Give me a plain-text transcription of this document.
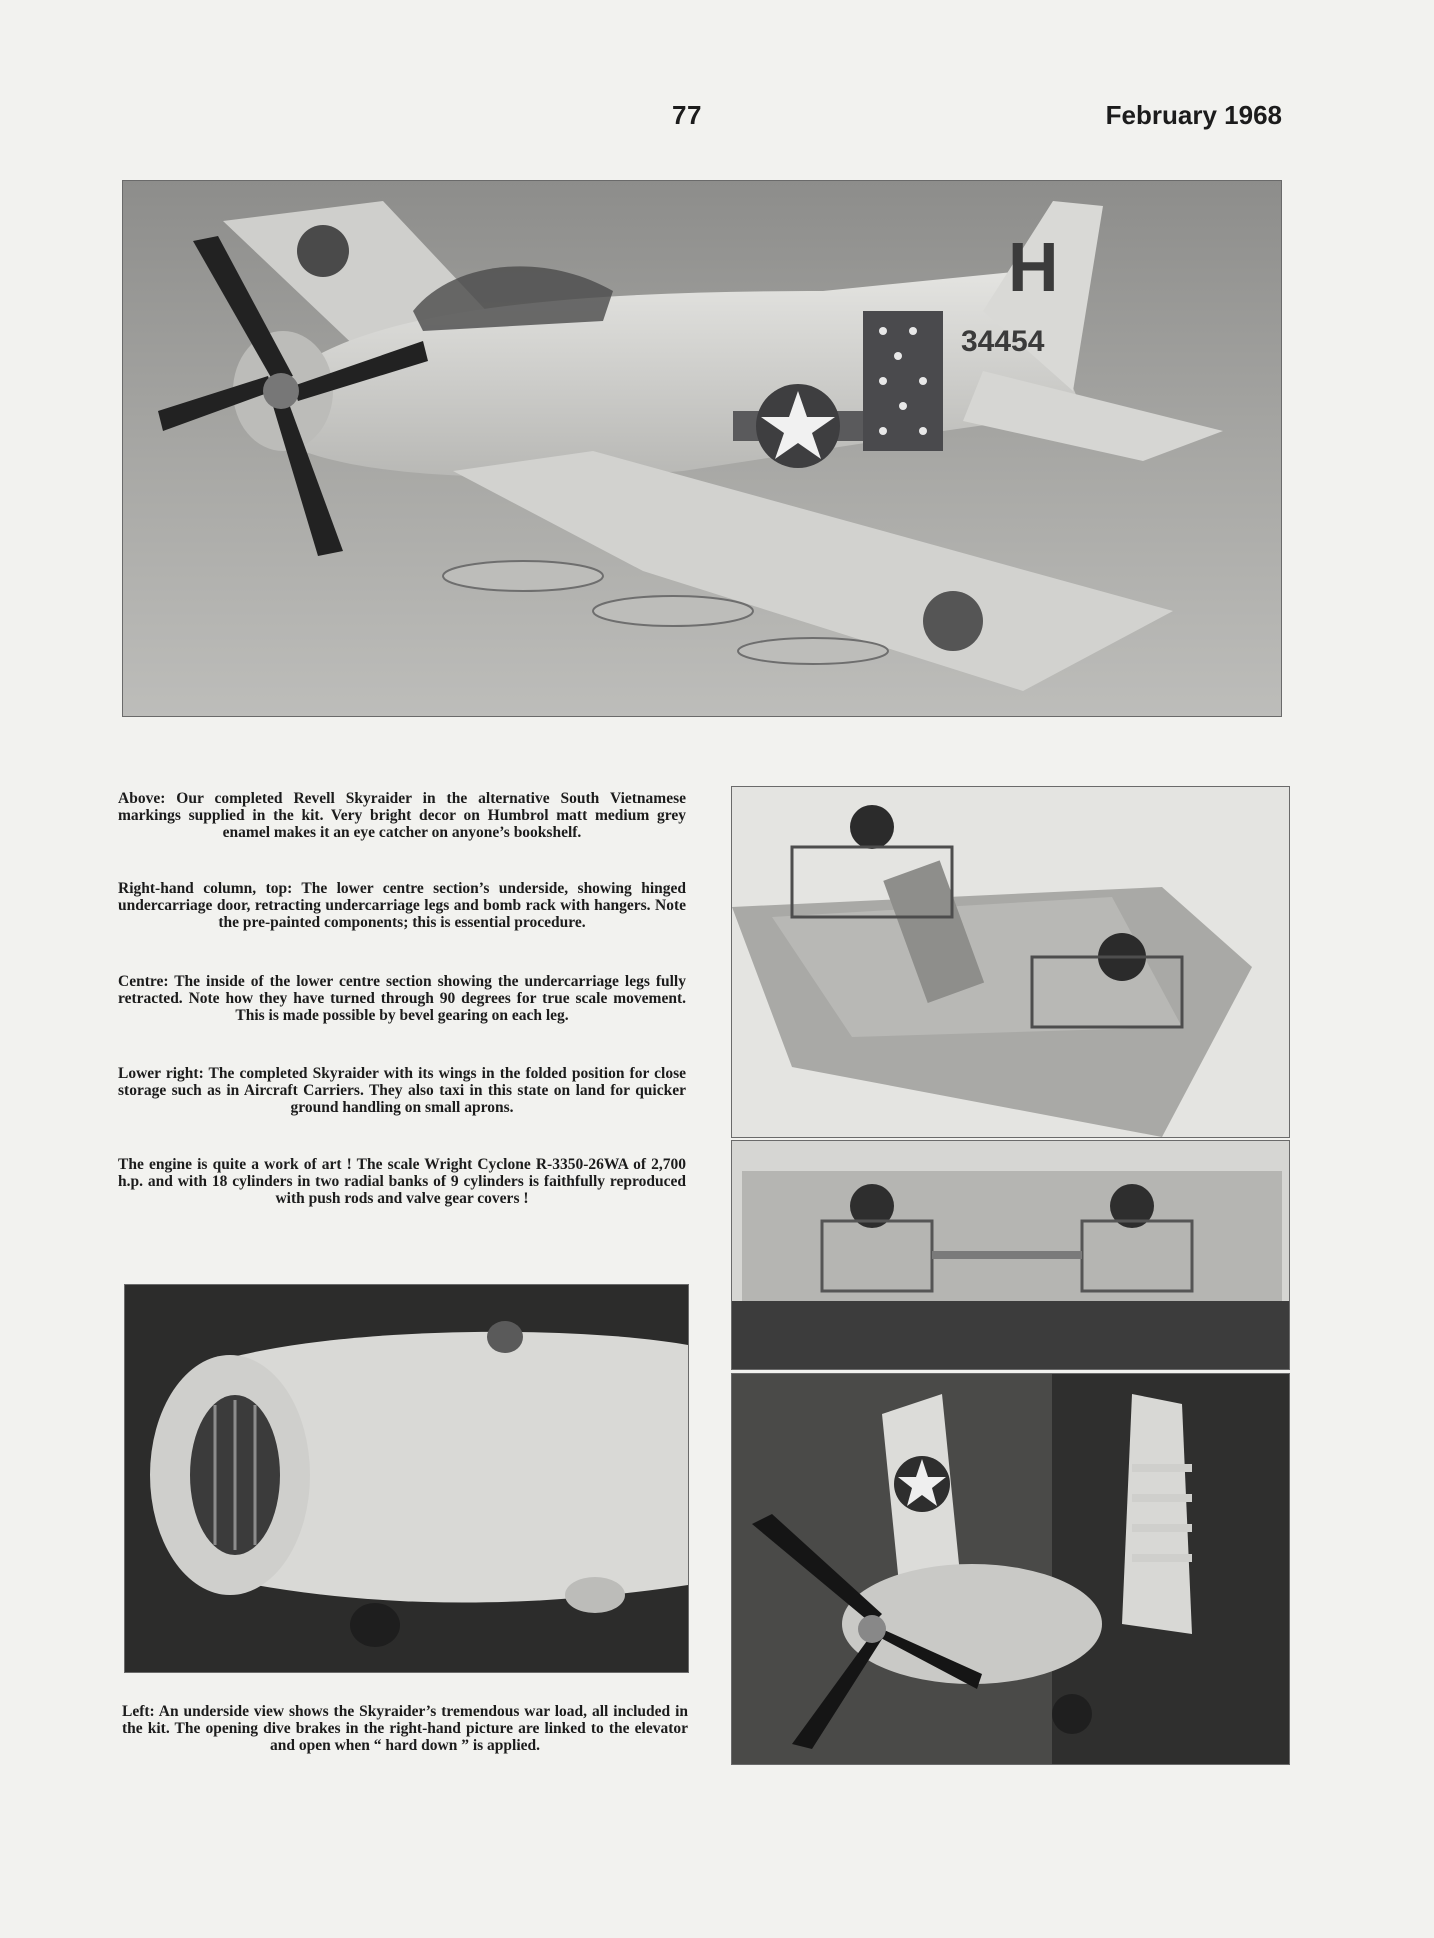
77	February 1968
H
34454
Above: Our completed Revell Skyraider in the alternative South Vietnamese markings supplied in the kit. Very bright decor on Humbrol matt medium grey enamel makes it an eye catcher on anyone’s bookshelf.
Right-hand column, top: The lower centre section’s underside, showing hinged undercarriage door, retracting undercarriage legs and bomb rack with hangers. Note the pre-painted components; this is essential procedure.
Centre: The inside of the lower centre section showing the undercarriage legs fully retracted. Note how they have turned through 90 degrees for true scale movement. This is made possible by bevel gearing on each leg.
Lower right: The completed Skyraider with its wings in the folded position for close storage such as in Aircraft Carriers. They also taxi in this state on land for quicker ground handling on small aprons.
The engine is quite a work of art ! The scale Wright Cyclone R-3350-26WA of 2,700 h.p. and with 18 cylinders in two radial banks of 9 cylinders is faithfully reproduced with push rods and valve gear covers !
Left: An underside view shows the Skyraider’s tremendous war load, all included in the kit. The opening dive brakes in the right-hand picture are linked to the elevator and open when “ hard down ” is applied.
